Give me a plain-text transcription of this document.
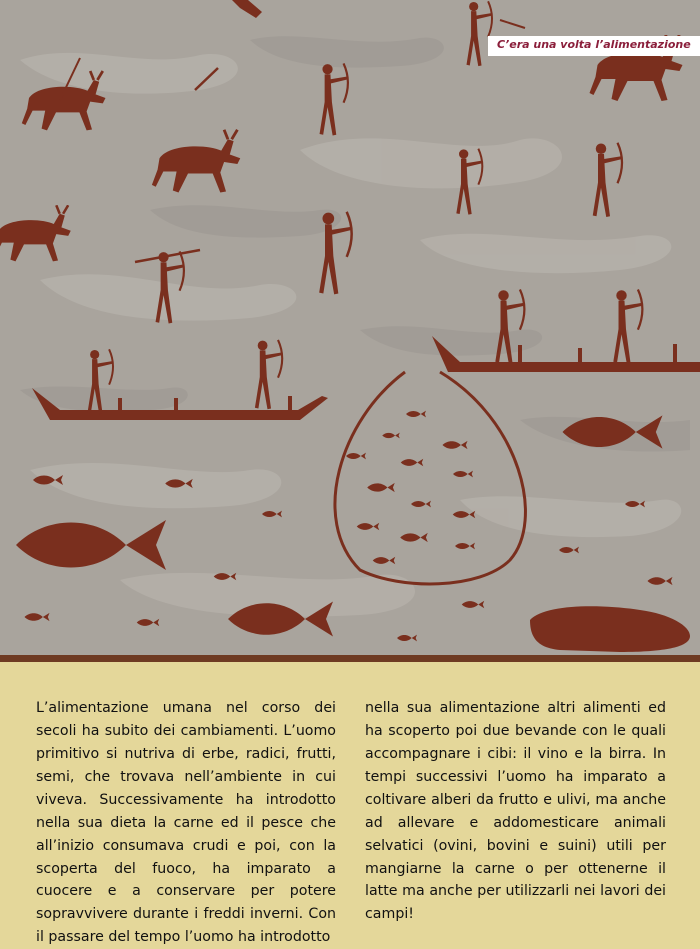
C’era una volta l’alimentazione

L’alimentazione umana nel corso dei secoli ha subito dei cambiamenti. L’uomo primitivo si nutriva di erbe, radici, frutti, semi, che trovava nell’ambiente in cui viveva. Successivamente ha introdotto nella sua dieta la carne ed il pesce che all’inizio consumava crudi e poi, con la scoperta del fuoco, ha imparato a cuocere e a conservare per potere sopravvivere durante i freddi inverni. Con il passare del tempo l’uomo ha introdotto

nella sua alimentazione altri alimenti ed ha scoperto poi due bevande con le quali accompagnare i cibi: il vino e la birra. In tempi successivi l’uomo ha imparato a coltivare alberi da frutto e ulivi, ma anche ad allevare e addomesticare animali selvatici (ovini, bovini e suini) utili per mangiarne la carne o per ottenerne il latte ma anche per utilizzarli nei lavori dei campi!
